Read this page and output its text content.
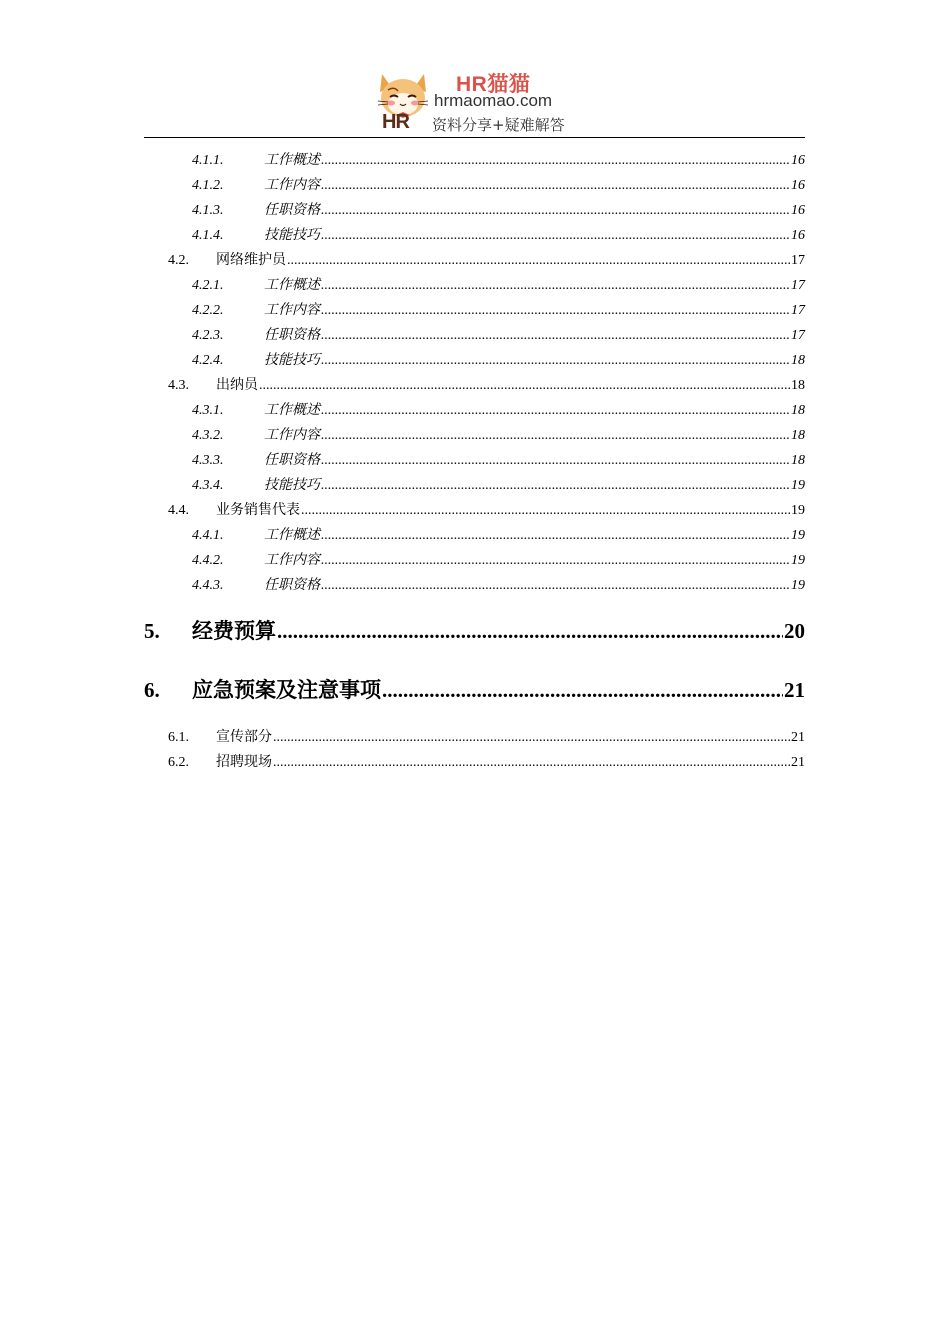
HR猫猫
hrmaomao.com
HR 资料分享+疑难解答
4.1.1.	工作概述 .....	16
4.1.2.	工作内容 .....	16
4.1.3.	任职资格 .....	16
4.1.4.	技能技巧 .....	16
4.2.	网络维护员 .....	17
4.2.1.	工作概述 .....	17
4.2.2.	工作内容 .....	17
4.2.3.	任职资格 .....	17
4.2.4.	技能技巧 .....	18
4.3.	出纳员 .....	18
4.3.1.	工作概述 .....	18
4.3.2.	工作内容 .....	18
4.3.3.	任职资格 .....	18
4.3.4.	技能技巧 .....	19
4.4.	业务销售代表 .....	19
4.4.1.	工作概述 .....	19
4.4.2.	工作内容 .....	19
4.4.3.	任职资格 .....	19
5.	经费预算 .....	20
6.	应急预案及注意事项 .....	21
6.1.	宣传部分 .....	21
6.2.	招聘现场 .....	21
